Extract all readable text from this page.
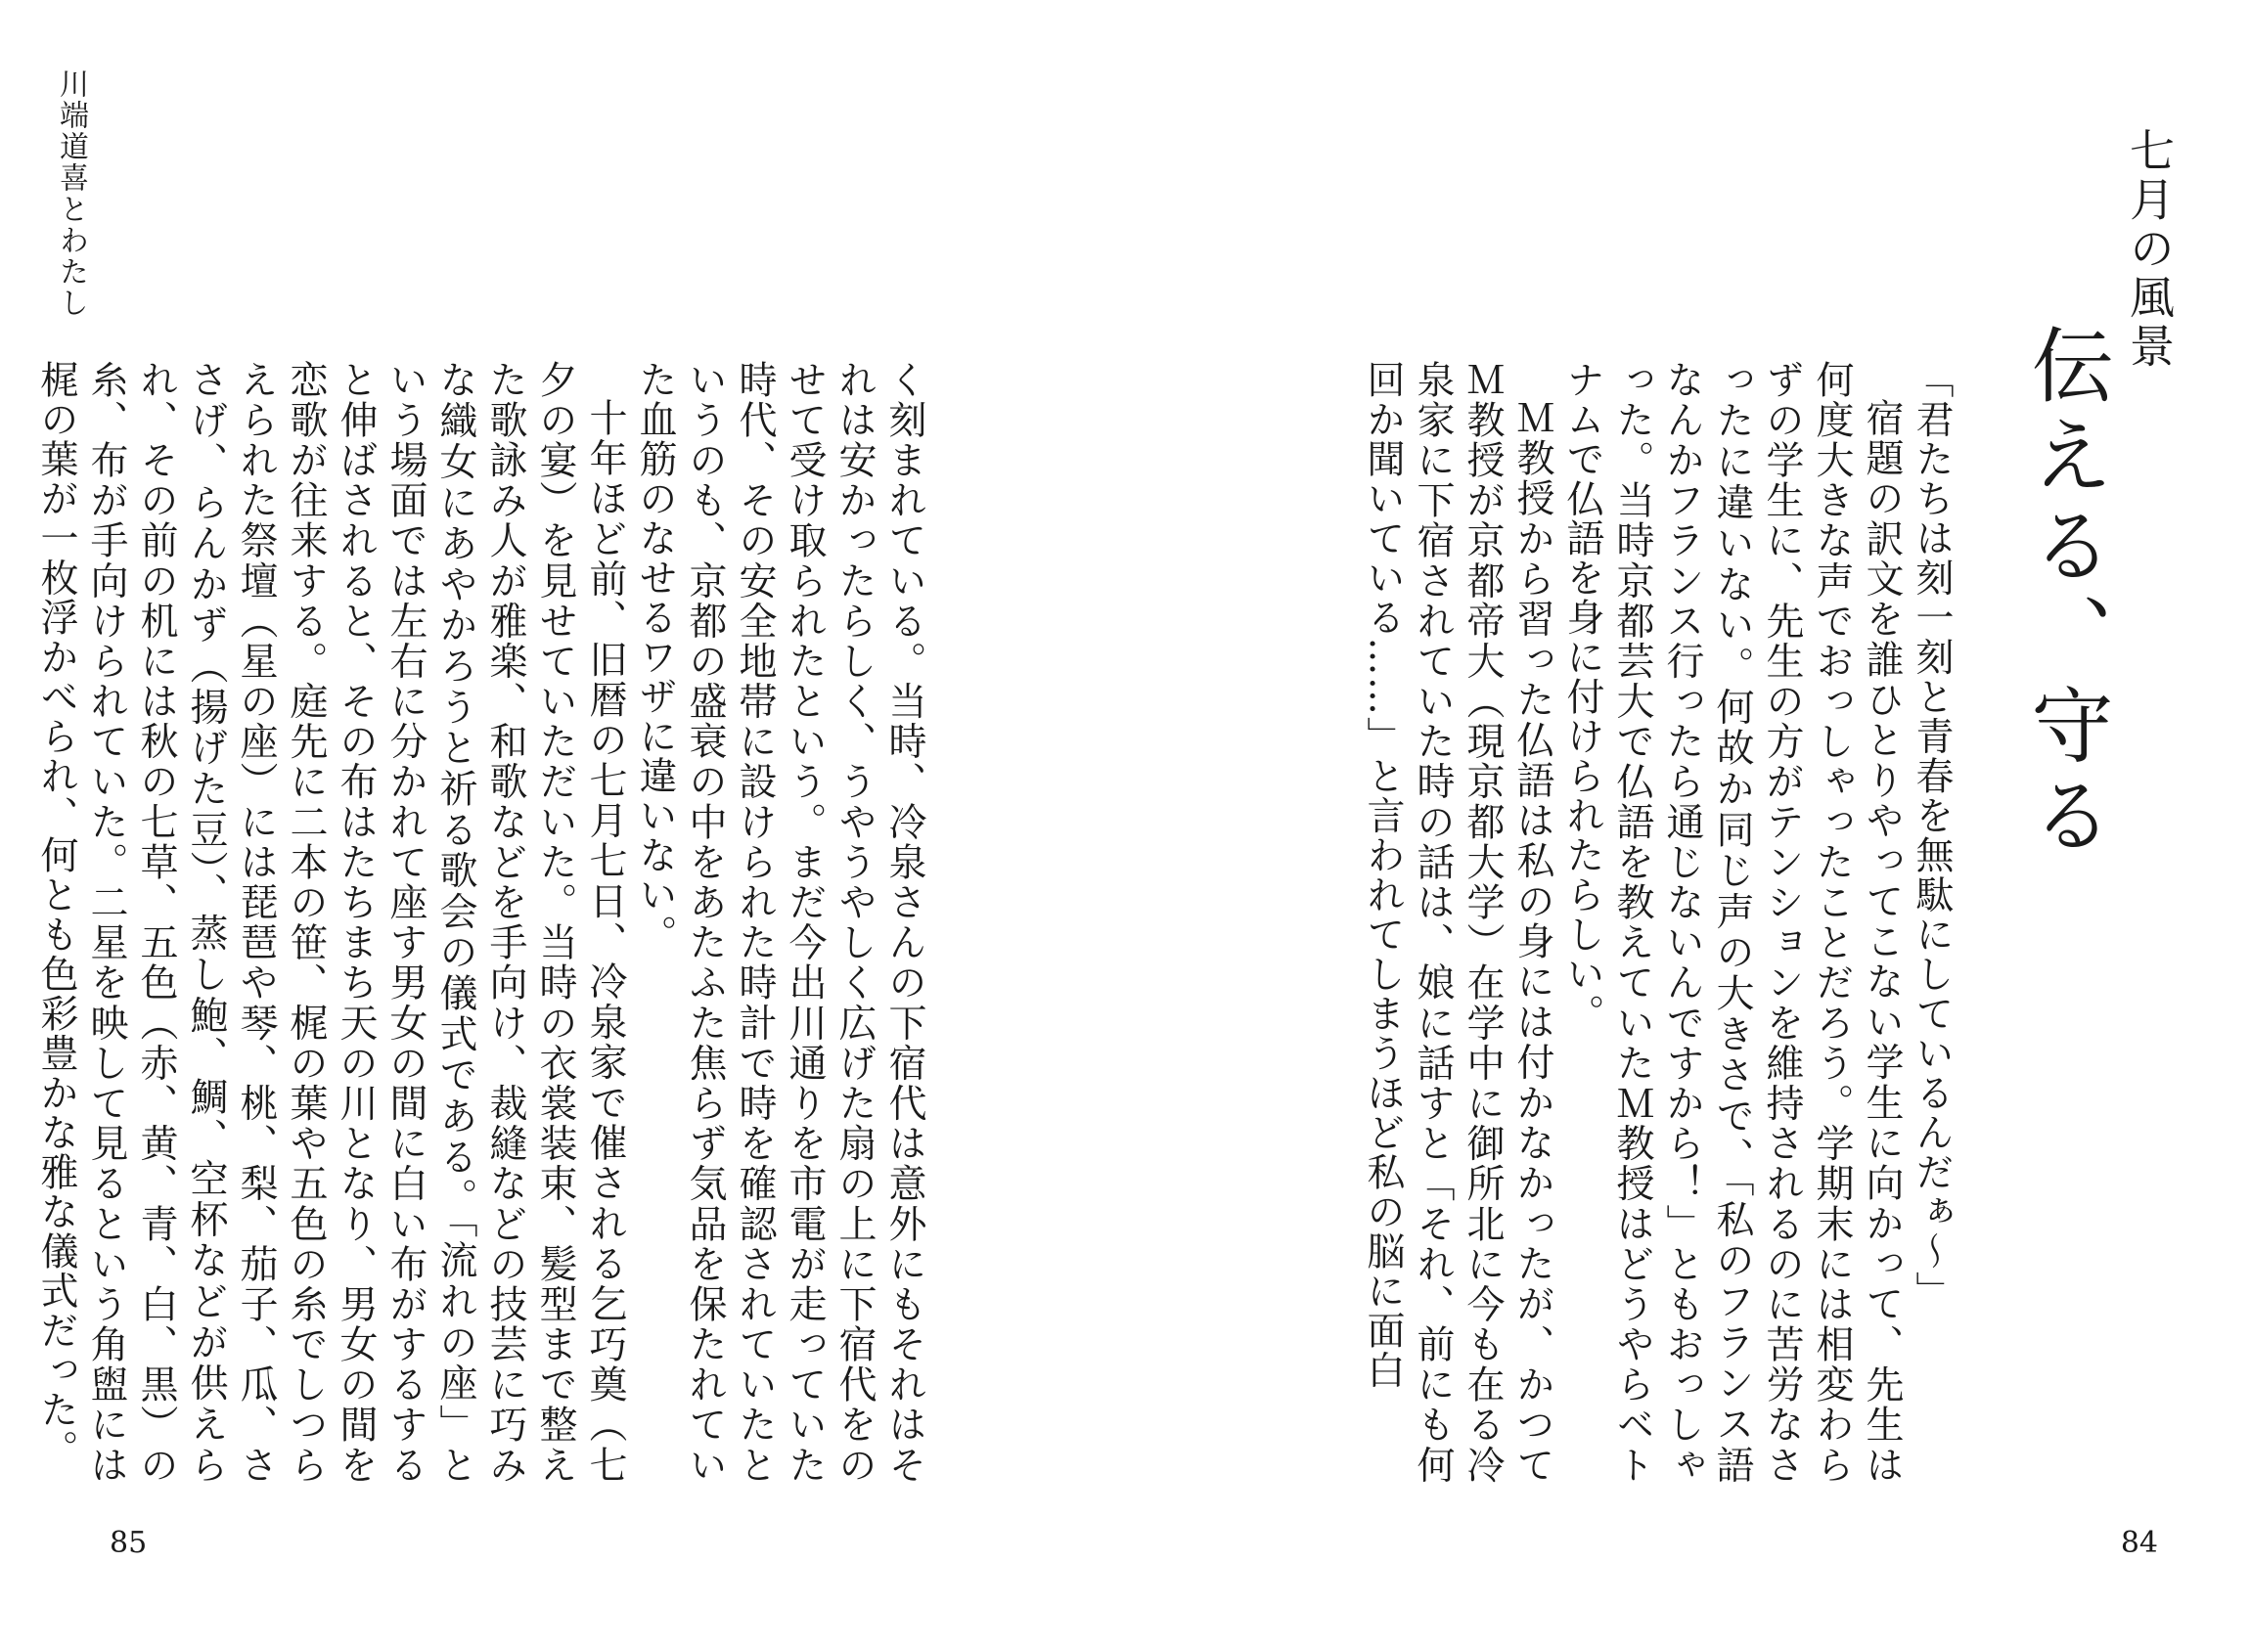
川端道喜とわたし

く刻まれている。当時、冷泉さんの下宿代は意外にもそれはそれは安かったらしく、うやうやしく広げた扇の上に下宿代をのせて受け取られたという。まだ今出川通りを市電が走っていた時代、その安全地帯に設けられた時計で時を確認されていたというのも、京都の盛衰の中をあたふた焦らず気品を保たれていた血筋のなせるワザに違いない。

十年ほど前、旧暦の七月七日、冷泉家で催される乞巧奠（七夕の宴）を見せていただいた。当時の衣裳装束、髪型まで整えた歌詠み人が雅楽、和歌などを手向け、裁縫などの技芸に巧みな織女にあやかろうと祈る歌会の儀式である。「流れの座」という場面では左右に分かれて座す男女の間に白い布がするすると伸ばされると、その布はたちまち天の川となり、男女の間を恋歌が往来する。庭先に二本の笹、梶の葉や五色の糸でしつらえられた祭壇（星の座）には琵琶や琴、桃、梨、茄子、瓜、ささげ、らんかず（揚げた豆）、蒸し鮑、鯛、空杯などが供えられ、その前の机には秋の七草、五色（赤、黄、青、白、黒）の糸、布が手向けられていた。二星を映して見るという角盥には梶の葉が一枚浮かべられ、何とも色彩豊かな雅な儀式だった。

85
七月の風景
伝える、守る

「君たちは刻一刻と青春を無駄にしているんだぁ～」

宿題の訳文を誰ひとりやってこない学生に向かって、先生は何度大きな声でおっしゃったことだろう。学期末には相変わらずの学生に、先生の方がテンションを維持されるのに苦労なさったに違いない。何故か同じ声の大きさで、「私のフランス語なんかフランス行ったら通じないんですから！」ともおっしゃった。当時京都芸大で仏語を教えていたＭ教授はどうやらベトナムで仏語を身に付けられたらしい。

Ｍ教授から習った仏語は私の身には付かなかったが、かつてＭ教授が京都帝大（現京都大学）在学中に御所北に今も在る冷泉家に下宿されていた時の話は、娘に話すと「それ、前にも何回か聞いている……」と言われてしまうほど私の脳に面白

84
